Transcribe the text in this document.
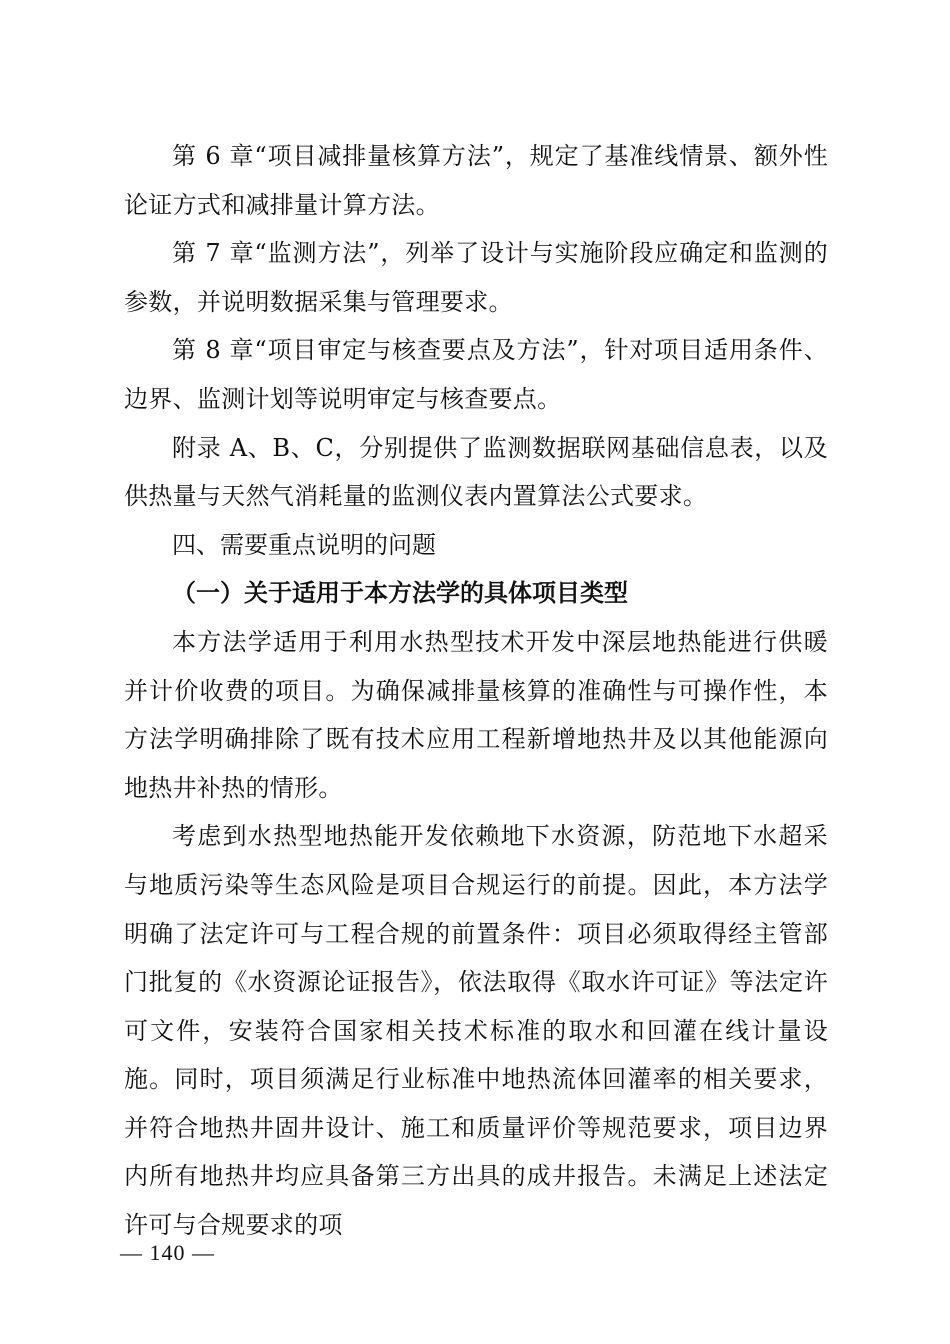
第 6 章“项目减排量核算方法”，规定了基准线情景、额外性论证方式和减排量计算方法。

第 7 章“监测方法”，列举了设计与实施阶段应确定和监测的参数，并说明数据采集与管理要求。

第 8 章“项目审定与核查要点及方法”，针对项目适用条件、边界、监测计划等说明审定与核查要点。

附录 A、B、C，分别提供了监测数据联网基础信息表，以及供热量与天然气消耗量的监测仪表内置算法公式要求。

四、需要重点说明的问题
（一）关于适用于本方法学的具体项目类型

本方法学适用于利用水热型技术开发中深层地热能进行供暖并计价收费的项目。为确保减排量核算的准确性与可操作性，本方法学明确排除了既有技术应用工程新增地热井及以其他能源向地热井补热的情形。

考虑到水热型地热能开发依赖地下水资源，防范地下水超采与地质污染等生态风险是项目合规运行的前提。因此，本方法学明确了法定许可与工程合规的前置条件：项目必须取得经主管部门批复的《水资源论证报告》，依法取得《取水许可证》等法定许可文件，安装符合国家相关技术标准的取水和回灌在线计量设施。同时，项目须满足行业标准中地热流体回灌率的相关要求，并符合地热井固井设计、施工和质量评价等规范要求，项目边界内所有地热井均应具备第三方出具的成井报告。未满足上述法定许可与合规要求的项

— 140 —
